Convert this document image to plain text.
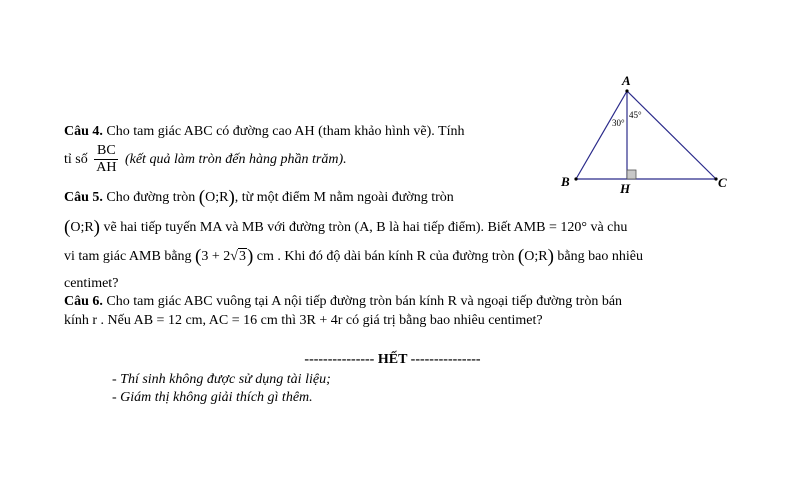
A
B	C
H
30°
45°
Câu 4. Cho tam giác ABC có đường cao AH (tham khảo hình vẽ). Tính
tỉ số $\frac{BC}{AH}$ (kết quả làm tròn đến hàng phần trăm).
Câu 5. Cho đường tròn (O;R), từ một điểm M nằm ngoài đường tròn
(O;R) vẽ hai tiếp tuyến MA và MB với đường tròn (A, B là hai tiếp điểm). Biết AMB = 120° và chu
vi tam giác AMB bằng (3 + 2√3) cm . Khi đó độ dài bán kính R của đường tròn (O;R) bằng bao nhiêu
centimet?
Câu 6. Cho tam giác ABC vuông tại A nội tiếp đường tròn bán kính R và ngoại tiếp đường tròn bán
kính r . Nếu AB = 12 cm, AC = 16 cm thì 3R + 4r có giá trị bằng bao nhiêu centimet?
--------------- HẾT ---------------
- Thí sinh không được sử dụng tài liệu;
- Giám thị không giải thích gì thêm.
